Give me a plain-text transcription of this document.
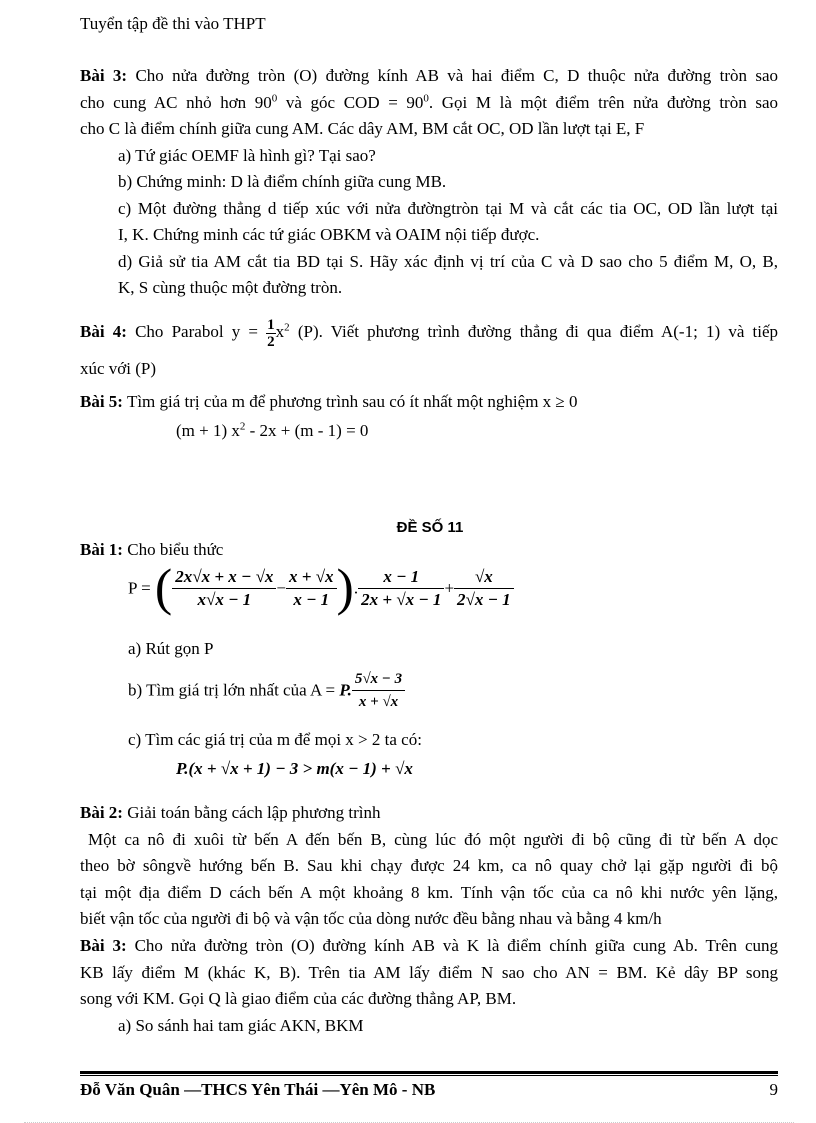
Tuyển tập đề thi vào THPT
Bài 3: Cho nửa đường tròn (O) đường kính AB và hai điểm C, D thuộc nửa đường tròn sao
cho cung AC nhỏ hơn $90^0$ và góc COD = $90^0$. Gọi M là một điểm trên nửa đường tròn sao
cho C là điểm chính giữa cung AM. Các dây AM, BM cắt OC, OD lần lượt tại E, F
a) Tứ giác OEMF là hình gì? Tại sao?
b) Chứng minh: D là điểm chính giữa cung MB.
c) Một đường thẳng d tiếp xúc với nửa đườngtròn tại M và cắt các tia OC, OD lần lượt tại
I, K. Chứng minh các tứ giác OBKM và OAIM nội tiếp được.
d) Giả sử tia AM cắt tia BD tại S. Hãy xác định vị trí của C và D sao cho 5 điểm M, O, B,
K, S cùng thuộc một đường tròn.
Bài 4: Cho Parabol $y = \frac{1}{2} x^2$ (P). Viết phương trình đường thẳng đi qua điểm A(-1; 1) và tiếp
xúc với (P)
Bài 5: Tìm giá trị của m để phương trình sau có ít nhất một nghiệm x ≥ 0
(m + 1) $x^2 - 2x + (m - 1) = 0$
ĐỀ SỐ 11
Bài 1: Cho biểu thức
P = ( $\frac{2x√x + x - √x}{x√x - 1} - \frac{x + √x}{x - 1}$ ). $\frac{x - 1}{2x + √x - 1} + \frac{√x}{2√x - 1}$
a) Rút gọn P
b) Tìm giá trị lớn nhất của A = P. $\frac{5√x - 3}{x + √x}$
c) Tìm các giá trị của m để mọi x > 2 ta có:
P.(x + √x + 1) − 3 > m(x − 1) + √x
Bài 2: Giải toán bằng cách lập phương trình
Một ca nô đi xuôi từ bến A đến bến B, cùng lúc đó một người đi bộ cũng đi từ bến A dọc
theo bờ sôngvề hướng bến B. Sau khi chạy được 24 km, ca nô quay chở lại gặp người đi bộ
tại một địa điểm D cách bến A một khoảng 8 km. Tính vận tốc của ca nô khi nước yên lặng,
biết vận tốc của người đi bộ và vận tốc của dòng nước đều bằng nhau và bằng 4 km/h
Bài 3: Cho nửa đường tròn (O) đường kính AB và K là điểm chính giữa cung Ab. Trên cung
KB lấy điểm M (khác K, B). Trên tia AM lấy điểm N sao cho AN = BM. Kẻ dây BP song
song với KM. Gọi Q là giao điểm của các đường thẳng AP, BM.
a) So sánh hai tam giác AKN, BKM
Đỗ Văn Quân —THCS Yên Thái —Yên Mô - NB	9
